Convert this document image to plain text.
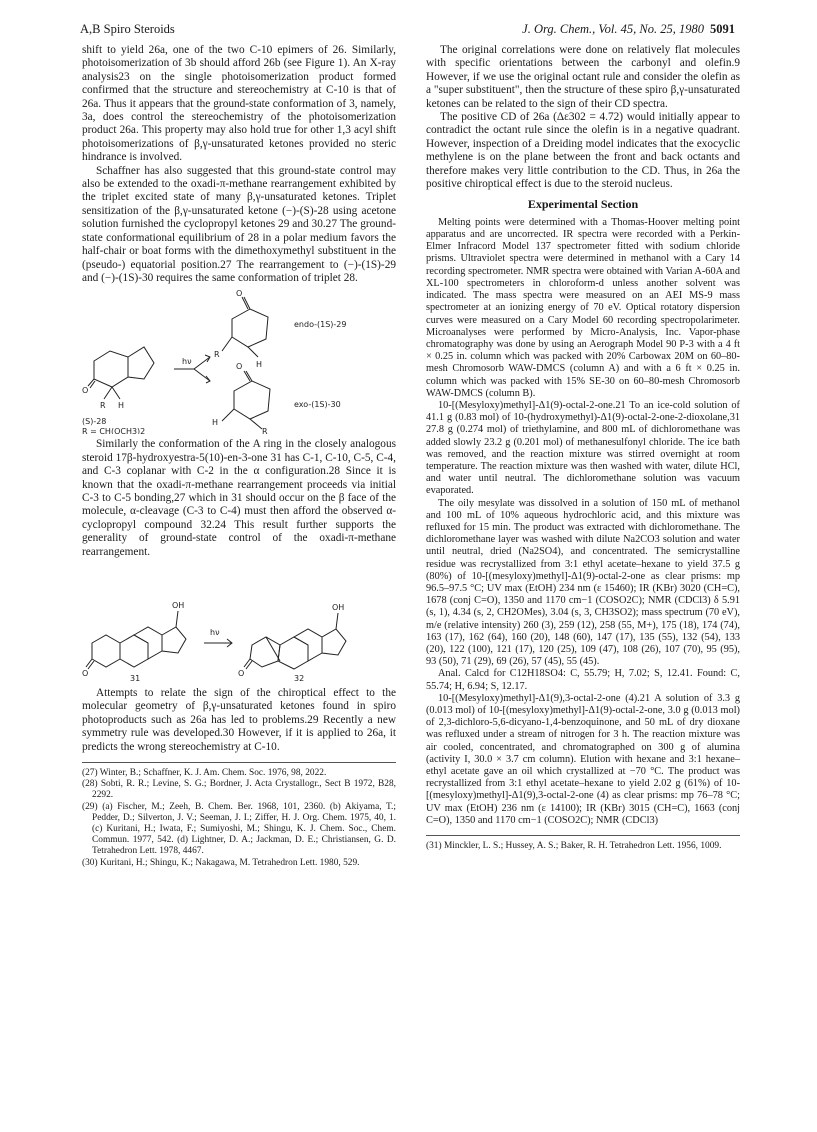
A,B Spiro Steroids	J. Org. Chem., Vol. 45, No. 25, 1980 5091

shift to yield 26a, one of the two C-10 epimers of 26. Similarly, photoisomerization of 3b should afford 26b (see Figure 1). An X-ray analysis23 on the single photoisomerization product formed confirmed that the structure and stereochemistry at C-10 is that of 26a. Thus it appears that the ground-state conformation of 3, namely, 3a, does control the stereochemistry of the photoisomerization product 26a. This property may also hold true for other 1,3 acyl shift photoisomerizations of β,γ-unsaturated ketones provided no steric hindrance is involved.

Schaffner has also suggested that this ground-state control may also be extended to the oxadi-π-methane rearrangement exhibited by the triplet excited state of many β,γ-unsaturated ketones. Triplet sensitization of the β,γ-unsaturated ketone (−)-(S)-28 using acetone solution furnished the cyclopropyl ketones 29 and 30.27 The ground-state conformational equilibrium of 28 in a polar medium favors the half-chair or boat forms with the dimethoxymethyl substituent in the (pseudo-) equatorial position.27 The rearrangement to (−)-(1S)-29 and (−)-(1S)-30 requires the same conformation of triplet 28.

O
R H
(S)-28
R = CH(OCH3)2
hν
O
R
H
endo-(1S)-29
O
H
R
exo-(1S)-30

Similarly the conformation of the A ring in the closely analogous steroid 17β-hydroxyestra-5(10)-en-3-one 31 has C-1, C-10, C-5, C-4, and C-3 coplanar with C-2 in the α configuration.28 Since it is known that the oxadi-π-methane rearrangement proceeds via initial C-3 to C-5 bonding,27 which in 31 should occur on the β face of the molecule, α-cleavage (C-3 to C-4) must then afford the observed α-cyclopropyl compound 32.24 This result further supports the generality of ground-state control of the oxadi-π-methane rearrangement.

OH
O
31
hν
OH
O
32

Attempts to relate the sign of the chiroptical effect to the molecular geometry of β,γ-unsaturated ketones found in spiro photoproducts such as 26a has led to problems.29 Recently a new symmetry rule was developed.30 However, if it is applied to 26a, it predicts the wrong stereochemistry at C-10.

(27) Winter, B.; Schaffner, K. J. Am. Chem. Soc. 1976, 98, 2022.
(28) Sobti, R. R.; Levine, S. G.; Bordner, J. Acta Crystallogr., Sect B 1972, B28, 2292.
(29) (a) Fischer, M.; Zeeh, B. Chem. Ber. 1968, 101, 2360. (b) Akiyama, T.; Pedder, D.; Silverton, J. V.; Seeman, J. I.; Ziffer, H. J. Org. Chem. 1975, 40, 1. (c) Kuritani, H.; Iwata, F.; Sumiyoshi, M.; Shingu, K. J. Chem. Soc., Chem. Commun. 1977, 542. (d) Lightner, D. A.; Jackman, D. E.; Christiansen, G. D. Tetrahedron Lett. 1978, 4467.
(30) Kuritani, H.; Shingu, K.; Nakagawa, M. Tetrahedron Lett. 1980, 529.

The original correlations were done on relatively flat molecules with specific orientations between the carbonyl and olefin.9 However, if we use the original octant rule and consider the olefin as a "super substituent", then the structure of these spiro β,γ-unsaturated ketones can be related to the sign of their CD spectra.

The positive CD of 26a (Δε302 = 4.72) would initially appear to contradict the octant rule since the olefin is in a negative quadrant. However, inspection of a Dreiding model indicates that the exocyclic methylene is on the plane between the front and back octants and therefore makes very little contribution to the CD. Thus, in 26a the positive chiroptical effect is due to the steroid nucleus.

Experimental Section

Melting points were determined with a Thomas-Hoover melting point apparatus and are uncorrected. IR spectra were recorded with a Perkin-Elmer Infracord Model 137 spectrometer fitted with sodium chloride prisms. Ultraviolet spectra were determined in methanol with a Cary 14 recording spectrometer. NMR spectra were obtained with Varian A-60A and XL-100 spectrometers in chloroform-d unless another solvent was indicated. The mass spectra were measured on an AEI MS-9 mass spectrometer at an ionizing energy of 70 eV. Optical rotatory dispersion curves were measured on a Cary Model 60 recording spectropolarimeter. Microanalyses were performed by Micro-Analysis, Inc. Vapor-phase chromatography was done by using an Aerograph Model 90 P-3 with a 4 ft × 0.25 in. column which was packed with 20% Carbowax 20M on 60–80-mesh Chromosorb WAW-DMCS (column A) and with a 6 ft × 0.25 in. column which was packed with 15% SE-30 on 60–80-mesh Chromosorb WAW-DMCS (column B).

10-[(Mesyloxy)methyl]-Δ1(9)-octal-2-one.21 To an ice-cold solution of 41.1 g (0.83 mol) of 10-(hydroxymethyl)-Δ1(9)-octal-2-one-2-dioxolane,31 27.8 g (0.274 mol) of triethylamine, and 800 mL of dichloromethane was added slowly 23.2 g (0.201 mol) of methanesulfonyl chloride. The ice bath was removed, and the reaction mixture was stirred overnight at room temperature. The reaction mixture was then washed with water, dilute HCl, and water until neutral. The dichloromethane solution was vacuum evaporated.

The oily mesylate was dissolved in a solution of 150 mL of methanol and 100 mL of 10% aqueous hydrochloric acid, and this mixture was refluxed for 15 min. The product was extracted with dichloromethane. The dichloromethane layer was washed with dilute Na2CO3 solution and water until neutral, dried (Na2SO4), and concentrated. The semicrystalline residue was recrystallized from 3:1 ethyl acetate–hexane to yield 37.5 g (80%) of 10-[(mesyloxy)methyl]-Δ1(9)-octal-2-one as clear prisms: mp 96.5–97.5 °C; UV max (EtOH) 234 nm (ε 15460); IR (KBr) 3020 (CH=C), 1678 (conj C=O), 1350 and 1170 cm−1 (COSO2C); NMR (CDCl3) δ 5.91 (s, 1), 4.34 (s, 2, CH2OMes), 3.04 (s, 3, CH3SO2); mass spectrum (70 eV), m/e (relative intensity) 260 (3), 259 (12), 258 (55, M+), 175 (18), 174 (74), 163 (17), 162 (64), 160 (20), 148 (60), 147 (17), 135 (55), 132 (54), 133 (20), 122 (100), 121 (17), 120 (25), 109 (47), 108 (26), 107 (70), 95 (95), 93 (50), 71 (29), 69 (26), 57 (45), 55 (45).

Anal. Calcd for C12H18SO4: C, 55.79; H, 7.02; S, 12.41. Found: C, 55.74; H, 6.94; S, 12.17.

10-[(Mesyloxy)methyl]-Δ1(9),3-octal-2-one (4).21 A solution of 3.3 g (0.013 mol) of 10-[(mesyloxy)methyl]-Δ1(9)-octal-2-one, 3.0 g (0.013 mol) of 2,3-dichloro-5,6-dicyano-1,4-benzoquinone, and 50 mL of dry dioxane was refluxed under a stream of nitrogen for 3 h. The reaction mixture was air cooled, concentrated, and chromatographed on 300 g of alumina (activity I, 30.0 × 3.7 cm column). Elution with hexane and 3:1 hexane–ethyl acetate gave an oil which crystallized at −70 °C. The product was recrystallized from 3:1 ethyl acetate–hexane to yield 2.02 g (61%) of 10-[(mesyloxy)methyl]-Δ1(9),3-octal-2-one (4) as clear prisms: mp 76–78 °C; UV max (EtOH) 236 nm (ε 14100); IR (KBr) 3015 (CH=C), 1663 (conj C=O), 1350 and 1170 cm−1 (COSO2C); NMR (CDCl3)

(31) Minckler, L. S.; Hussey, A. S.; Baker, R. H. Tetrahedron Lett. 1956, 1009.
